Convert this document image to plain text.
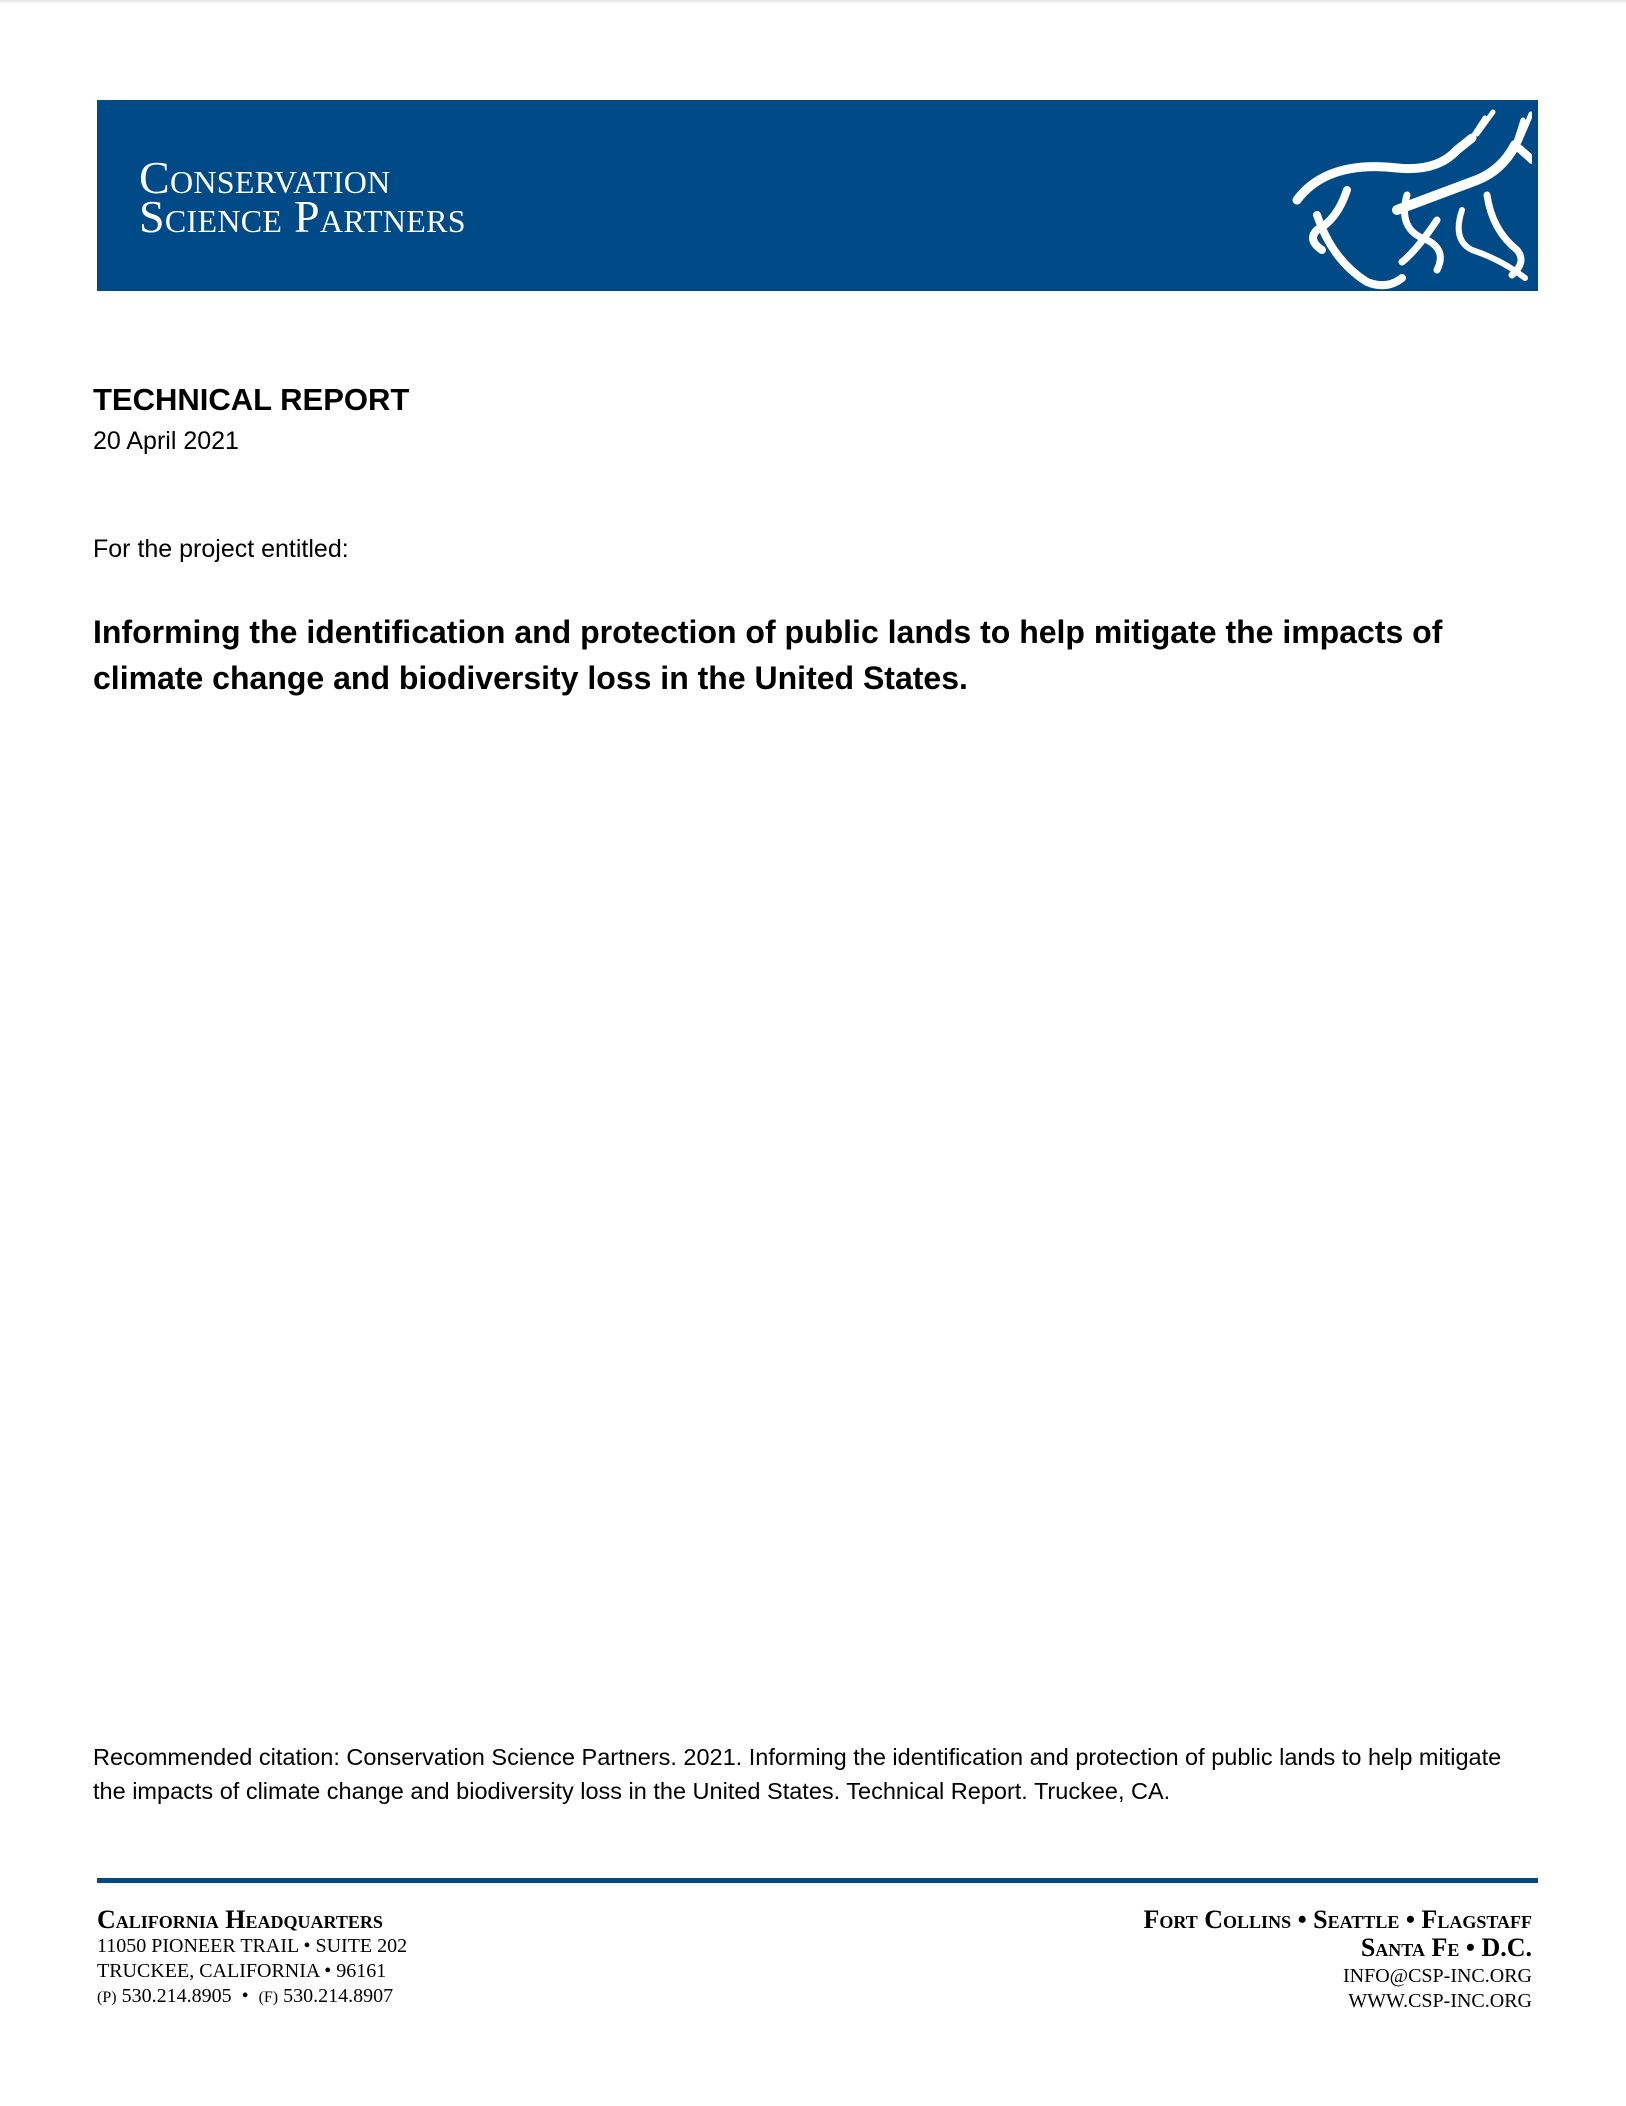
Conservation
Science Partners
TECHNICAL REPORT
20 April 2021
For the project entitled:
Informing the identification and protection of public lands to help mitigate the impacts of climate change and biodiversity loss in the United States.
Recommended citation: Conservation Science Partners. 2021. Informing the identification and protection of public lands to help mitigate the impacts of climate change and biodiversity loss in the United States. Technical Report. Truckee, CA.
California Headquarters
11050 PIONEER TRAIL • SUITE 202
TRUCKEE, CALIFORNIA • 96161
(P) 530.214.8905  •  (F) 530.214.8907
Fort Collins • Seattle • Flagstaff
Santa Fe • D.C.
INFO@CSP-INC.ORG
WWW.CSP-INC.ORG
